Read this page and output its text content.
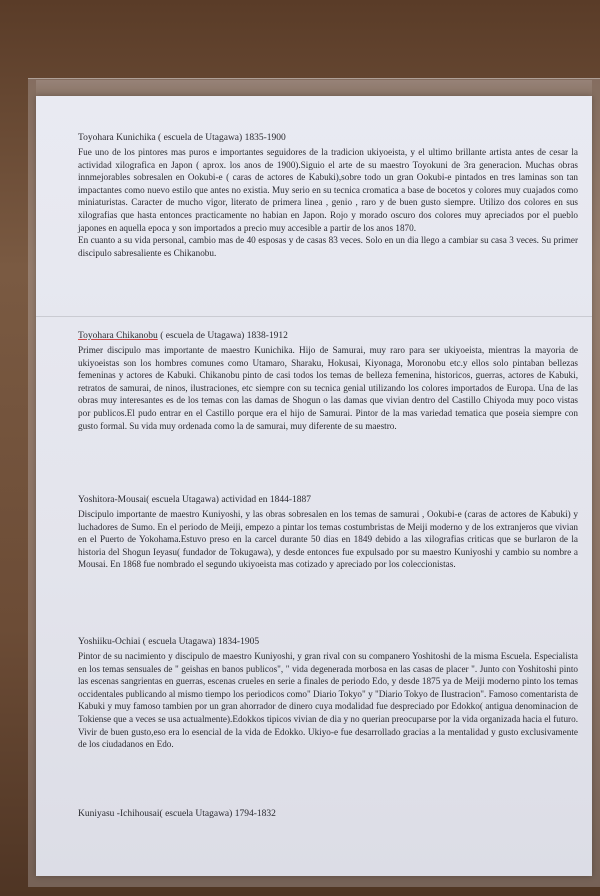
Toyohara Kunichika ( escuela de Utagawa) 1835-1900

Fue uno de los pintores mas puros e importantes seguidores de la tradicion ukiyoeista, y el ultimo brillante artista antes de cesar la actividad xilografica en Japon ( aprox. los anos de 1900).Siguio el arte de su maestro Toyokuni de 3ra generacion. Muchas obras innmejorables sobresalen en Ookubi-e ( caras de actores de Kabuki),sobre todo un gran Ookubi-e pintados en tres laminas son tan impactantes como nuevo estilo que antes no existia. Muy serio en su tecnica cromatica a base de bocetos y colores muy cuajados como miniaturistas. Caracter de mucho vigor, literato de primera linea , genio , raro y de buen gusto siempre. Utilizo dos colores en sus xilografias que hasta entonces practicamente no habian en Japon. Rojo y morado oscuro dos colores muy apreciados por el pueblo japones en aquella epoca y son importados a precio muy accesible a partir de los anos 1870.

En cuanto a su vida personal, cambio mas de 40 esposas y de casas 83 veces. Solo en un dia llego a cambiar su casa 3 veces. Su primer discipulo sabresaliente es Chikanobu.

Toyohara Chikanobu ( escuela de Utagawa) 1838-1912

Primer discipulo mas importante de maestro Kunichika. Hijo de Samurai, muy raro para ser ukiyoeista, mientras la mayoria de ukiyoeistas son los hombres comunes como Utamaro, Sharaku, Hokusai, Kiyonaga, Moronobu etc.y ellos solo pintaban bellezas femeninas y actores de Kabuki. Chikanobu pinto de casi todos los temas de belleza femenina, historicos, guerras, actores de Kabuki, retratos de samurai, de ninos, ilustraciones, etc siempre con su tecnica genial utilizando los colores importados de Europa. Una de las obras muy interesantes es de los temas con las damas de Shogun o las damas que vivian dentro del Castillo Chiyoda muy poco vistas por publicos.El pudo entrar en el Castillo porque era el hijo de Samurai. Pintor de la mas variedad tematica que poseia siempre con gusto formal. Su vida muy ordenada como la de samurai, muy diferente de su maestro.

Yoshitora-Mousai( escuela Utagawa) actividad en 1844-1887

Discipulo importante de maestro Kuniyoshi, y las obras sobresalen en los temas de samurai , Ookubi-e (caras de actores de Kabuki) y luchadores de Sumo. En el periodo de Meiji, empezo a pintar los temas costumbristas de Meiji moderno y de los extranjeros que vivian en el Puerto de Yokohama.Estuvo preso en la carcel durante 50 dias en 1849 debido a las xilografias criticas que se burlaron de la historia del Shogun Ieyasu( fundador de Tokugawa), y desde entonces fue expulsado por su maestro Kuniyoshi y cambio su nombre a Mousai. En 1868 fue nombrado el segundo ukiyoeista mas cotizado y apreciado por los coleccionistas.

Yoshiiku-Ochiai ( escuela Utagawa) 1834-1905

Pintor de su nacimiento y discipulo de maestro Kuniyoshi, y gran rival con su companero Yoshitoshi de la misma Escuela. Especialista en los temas sensuales de " geishas en banos publicos", " vida degenerada morbosa en las casas de placer ". Junto con Yoshitoshi pinto las escenas sangrientas en guerras, escenas crueles en serie a finales de periodo Edo, y desde 1875 ya de Meiji moderno pinto los temas occidentales publicando al mismo tiempo los periodicos como" Diario Tokyo" y "Diario Tokyo de Ilustracion". Famoso comentarista de Kabuki y muy famoso tambien por un gran ahorrador de dinero cuya modalidad fue despreciado por Edokko( antigua denominacion de Tokiense que a veces se usa actualmente).Edokkos tipicos vivian de dia y no querian preocuparse por la vida organizada hacia el futuro. Vivir de buen gusto,eso era lo esencial de la vida de Edokko. Ukiyo-e fue desarrollado gracias a la mentalidad y gusto exclusivamente de los ciudadanos en Edo.

Kuniyasu -Ichihousai( escuela Utagawa) 1794-1832
